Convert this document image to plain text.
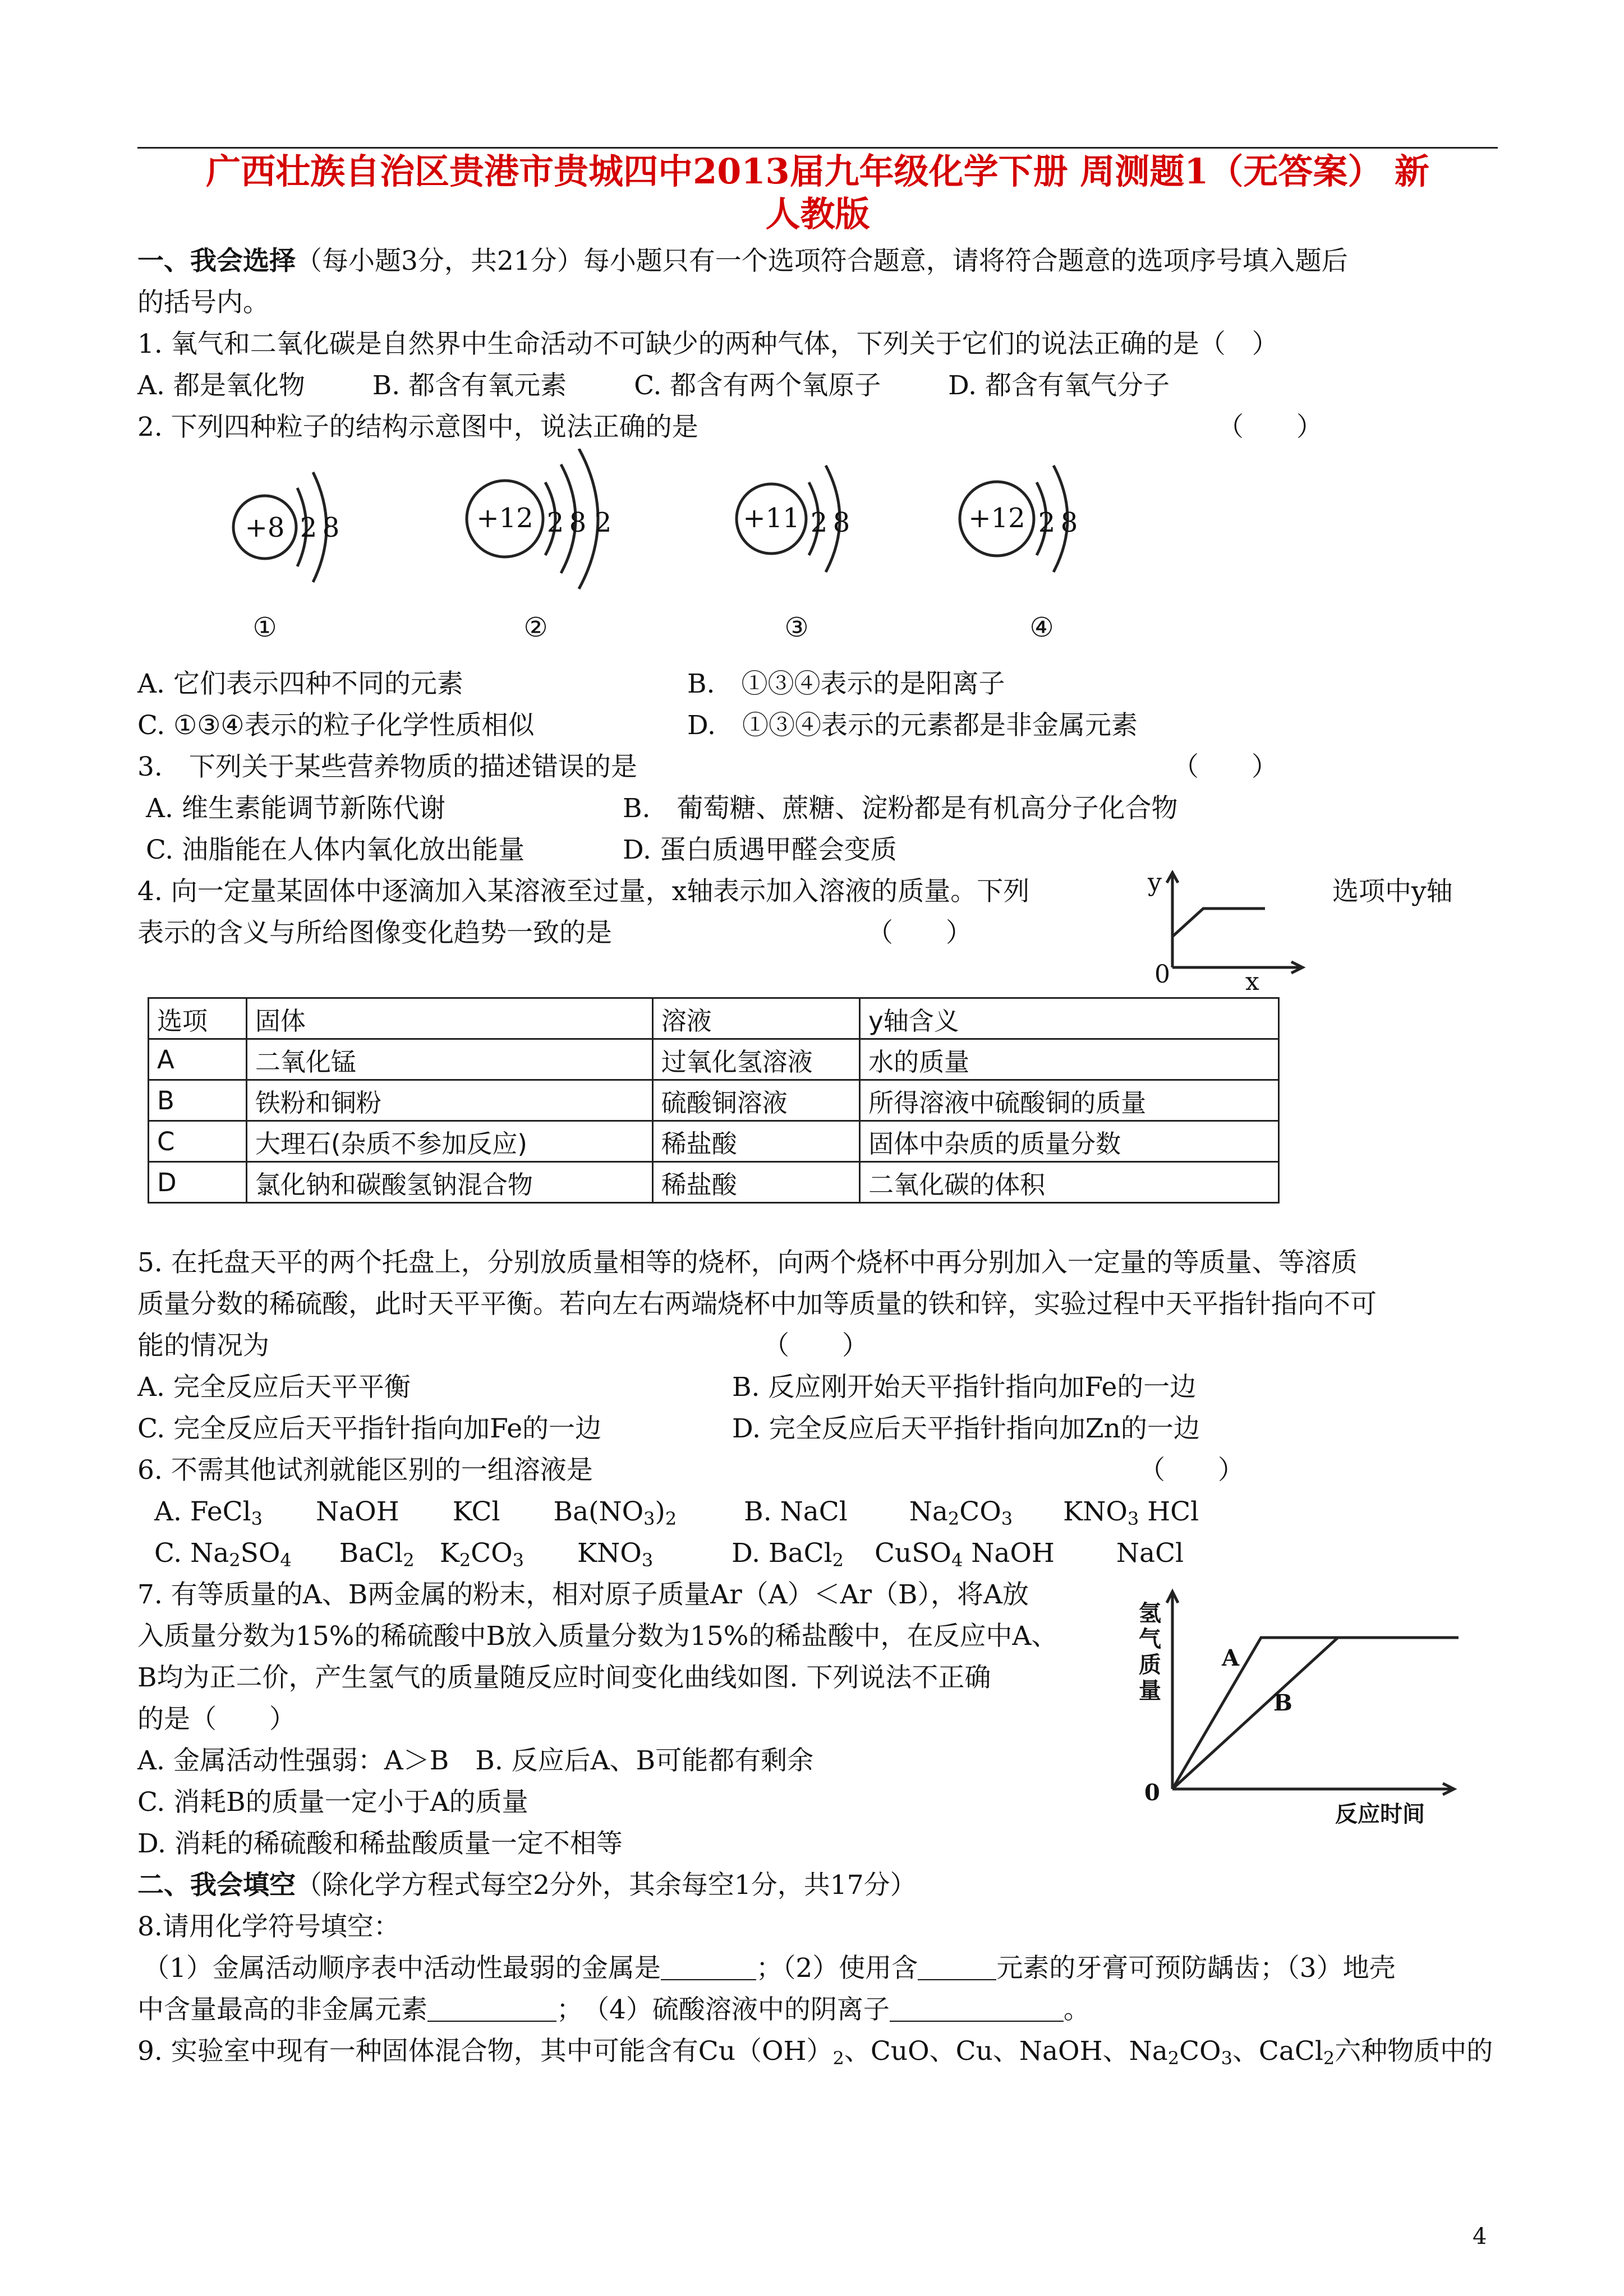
广西壮族自治区贵港市贵城四中2013届九年级化学下册 周测题1（无答案） 新
人教版
一、我会选择（每小题3分，共21分）每小题只有一个选项符合题意，请将符合题意的选项序号填入题后
的括号内。
1. 氧气和二氧化碳是自然界中生命活动不可缺少的两种气体，下列关于它们的说法正确的是（　）
A. 都是氧化物	B. 都含有氧元素	C. 都含有两个氧原子	D. 都含有氧气分子
2. 下列四种粒子的结构示意图中，说法正确的是	（　　）
+8 2 8
①
+12 2 8 2
②
+11 2 8
③
+12 2 8
④
A. 它们表示四种不同的元素	B.　①③④表示的是阳离子
C. ①③④表示的粒子化学性质相似	D.　①③④表示的元素都是非金属元素
3.　下列关于某些营养物质的描述错误的是	（　　）
A. 维生素能调节新陈代谢	B.　葡萄糖、蔗糖、淀粉都是有机高分子化合物
C. 油脂能在人体内氧化放出能量	D. 蛋白质遇甲醛会变质
4. 向一定量某固体中逐滴加入某溶液至过量，x轴表示加入溶液的质量。下列	选项中y轴
表示的含义与所给图像变化趋势一致的是	（　　）
y
0	x
选项	固体	溶液	y轴含义
A	二氧化锰	过氧化氢溶液	水的质量
B	铁粉和铜粉	硫酸铜溶液	所得溶液中硫酸铜的质量
C	大理石(杂质不参加反应)	稀盐酸	固体中杂质的质量分数
D	氯化钠和碳酸氢钠混合物	稀盐酸	二氧化碳的体积
5. 在托盘天平的两个托盘上，分别放质量相等的烧杯，向两个烧杯中再分别加入一定量的等质量、等溶质
质量分数的稀硫酸，此时天平平衡。若向左右两端烧杯中加等质量的铁和锌，实验过程中天平指针指向不可
能的情况为	（　　）
A. 完全反应后天平平衡	B. 反应刚开始天平指针指向加Fe的一边
C. 完全反应后天平指针指向加Fe的一边	D. 完全反应后天平指针指向加Zn的一边
6. 不需其他试剂就能区别的一组溶液是	（　　）
A. FeCl$_3$ NaOH KCl $Ba(NO_3)_2$	B. NaCl $Na_2CO_3$ $KNO_3$ HCl
C. $Na_2SO_4$ BaCl$_2$ $K_2CO_3$ $KNO_3$	D. BaCl$_2$ CuSO$_4$ NaOH NaCl
7. 有等质量的A、B两金属的粉末，相对原子质量Ar（A）＜Ar（B），将A放
入质量分数为15%的稀硫酸中B放入质量分数为15%的稀盐酸中，在反应中A、
B均为正二价，产生氢气的质量随反应时间变化曲线如图. 下列说法不正确
的是（　　）
A. 金属活动性强弱：A＞B　B. 反应后A、B可能都有剩余
C. 消耗B的质量一定小于A的质量
D. 消耗的稀硫酸和稀盐酸质量一定不相等
氢
气
质
量
A
B
0
反应时间
二、我会填空（除化学方程式每空2分外，其余每空1分，共17分）
8.请用化学符号填空：
（1）金属活动顺序表中活动性最弱的金属是	；（2）使用含	元素的牙膏可预防龋齿；（3）地壳
中含量最高的非金属元素	；　（4）硫酸溶液中的阴离子	。
9. 实验室中现有一种固体混合物，其中可能含有$Cu(OH)_2$、CuO、Cu、NaOH、$Na_2CO_3$、CaCl$_2$六种物质中的
4
